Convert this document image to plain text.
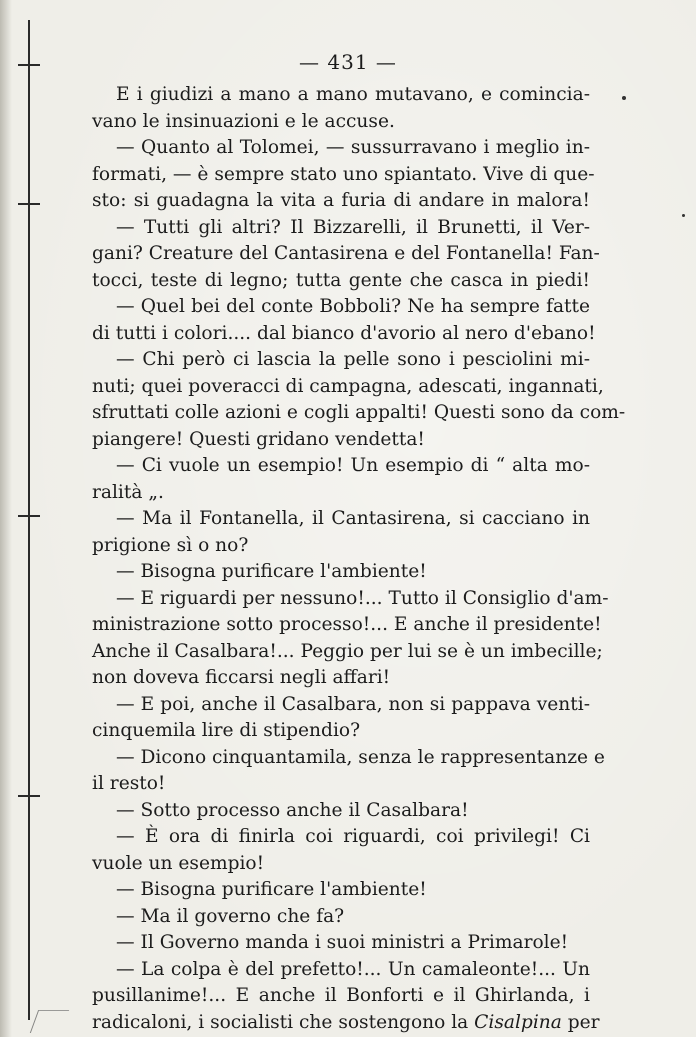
— 431 —
E i giudizi a mano a mano mutavano, e comincia-
vano le insinuazioni e le accuse.
— Quanto al Tolomei, — sussurravano i meglio in-
formati, — è sempre stato uno spiantato. Vive di que-
sto: si guadagna la vita a furia di andare in malora!
— Tutti gli altri? Il Bizzarelli, il Brunetti, il Ver-
gani? Creature del Cantasirena e del Fontanella! Fan-
tocci, teste di legno; tutta gente che casca in piedi!
— Quel bei del conte Bobboli? Ne ha sempre fatte
di tutti i colori.... dal bianco d'avorio al nero d'ebano!
— Chi però ci lascia la pelle sono i pesciolini mi-
nuti; quei poveracci di campagna, adescati, ingannati,
sfruttati colle azioni e cogli appalti! Questi sono da com-
piangere! Questi gridano vendetta!
— Ci vuole un esempio! Un esempio di “ alta mo-
ralità „.
— Ma il Fontanella, il Cantasirena, si cacciano in
prigione sì o no?
— Bisogna purificare l'ambiente!
— E riguardi per nessuno!... Tutto il Consiglio d'am-
ministrazione sotto processo!... E anche il presidente!
Anche il Casalbara!... Peggio per lui se è un imbecille;
non doveva ficcarsi negli affari!
— E poi, anche il Casalbara, non si pappava venti-
cinquemila lire di stipendio?
— Dicono cinquantamila, senza le rappresentanze e
il resto!
— Sotto processo anche il Casalbara!
— È ora di finirla coi riguardi, coi privilegi! Ci
vuole un esempio!
— Bisogna purificare l'ambiente!
— Ma il governo che fa?
— Il Governo manda i suoi ministri a Primarole!
— La colpa è del prefetto!... Un camaleonte!... Un
pusillanime!... E anche il Bonforti e il Ghirlanda, i
radicaloni, i socialisti che sostengono la Cisalpina per
